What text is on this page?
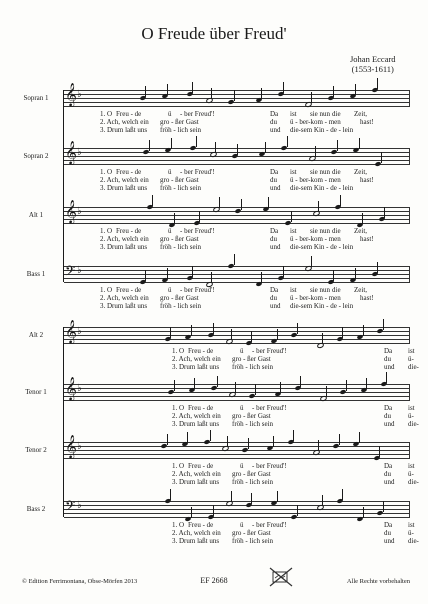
O Freude über Freud'
Johan Eccard
(1553-1611)
Sopran 1 𝄞 ♭
1. O Freu - de	ü - ber Freud'!	Da ist sie nun die Zeit,
2. Ach, welch ein gro - ßer Gast	du ü - ber-kom - men	hast!
3. Drum laßt uns fröh - lich sein	und die-sem Kin - de - lein
Sopran 2 𝄞 ♭
1. O Freu - de	ü - ber Freud'!	Da ist sie nun die Zeit,
2. Ach, welch ein gro - ßer Gast	du ü - ber-kom - men	hast!
3. Drum laßt uns fröh - lich sein	und die-sem Kin - de - lein
Alt 1	𝄞 ♭
1. O Freu - de	ü - ber Freud'!	Da ist sie nun die Zeit,
2. Ach, welch ein gro - ßer Gast	du ü - ber-kom - men	hast!
3. Drum laßt uns fröh - lich sein	und die-sem Kin - de - lein
Bass 1	𝄢 ♭
1. O Freu - de	ü - ber Freud'!	Da ist sie nun die Zeit,
2. Ach, welch ein gro - ßer Gast	du ü - ber-kom - men	hast!
3. Drum laßt uns fröh - lich sein	und die-sem Kin - de - lein
Alt 2	𝄞 ♭
1. O Freu - de	ü - ber Freud'!	Da ist
2. Ach, welch ein gro - ßer Gast	du ü-
3. Drum laßt uns fröh - lich sein	und die-
Tenor 1 𝄞 ♭
1. O Freu - de	ü - ber Freud'!	Da ist
2. Ach, welch ein gro - ßer Gast	du ü-
3. Drum laßt uns fröh - lich sein	und die-
Tenor 2 𝄞 ♭
1. O Freu - de	ü - ber Freud'!	Da ist
2. Ach, welch ein gro - ßer Gast	du ü-
3. Drum laßt uns fröh - lich sein	und die-
Bass 2	𝄢 ♭
1. O Freu - de	ü - ber Freud'!	Da ist
2. Ach, welch ein gro - ßer Gast	du ü-
3. Drum laßt uns fröh - lich sein	und die-
© Edition Ferrimontana, Obse-Mörfen 2013	EF 2668	Alle Rechte vorbehalten
